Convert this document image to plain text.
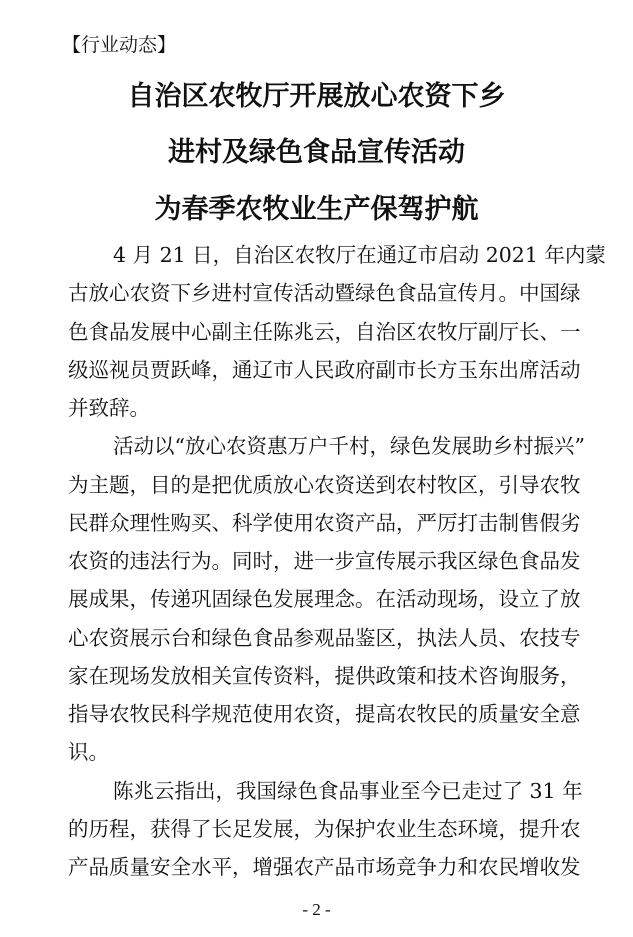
【行业动态】
自治区农牧厅开展放心农资下乡
进村及绿色食品宣传活动
为春季农牧业生产保驾护航
4 月 21 日，自治区农牧厅在通辽市启动 2021 年内蒙
古放心农资下乡进村宣传活动暨绿色食品宣传月。中国绿
色食品发展中心副主任陈兆云，自治区农牧厅副厅长、一
级巡视员贾跃峰，通辽市人民政府副市长方玉东出席活动
并致辞。
活动以“放心农资惠万户千村，绿色发展助乡村振兴”
为主题，目的是把优质放心农资送到农村牧区，引导农牧
民群众理性购买、科学使用农资产品，严厉打击制售假劣
农资的违法行为。同时，进一步宣传展示我区绿色食品发
展成果，传递巩固绿色发展理念。在活动现场，设立了放
心农资展示台和绿色食品参观品鉴区，执法人员、农技专
家在现场发放相关宣传资料，提供政策和技术咨询服务，
指导农牧民科学规范使用农资，提高农牧民的质量安全意
识。
陈兆云指出，我国绿色食品事业至今已走过了 31 年
的历程，获得了长足发展，为保护农业生态环境，提升农
产品质量安全水平，增强农产品市场竞争力和农民增收发
- 2 -
